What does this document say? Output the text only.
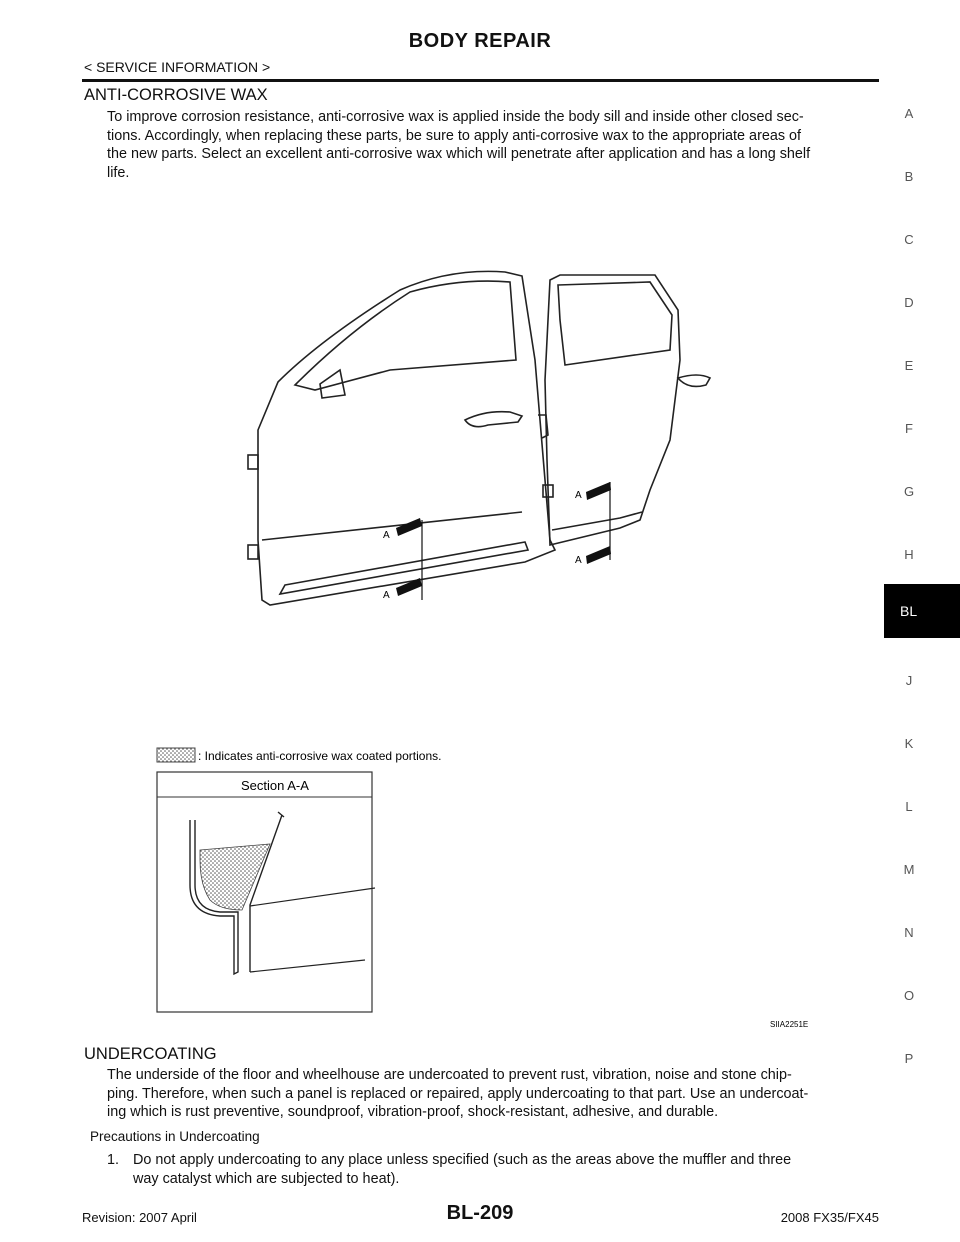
BODY REPAIR
< SERVICE INFORMATION >
ANTI-CORROSIVE WAX

To improve corrosion resistance, anti-corrosive wax is applied inside the body sill and inside other closed sec-

tions. Accordingly, when replacing these parts, be sure to apply anti-corrosive wax to the appropriate areas of

the new parts. Select an excellent anti-corrosive wax which will penetrate after application and has a long shelf

life.

A
A
A
A
: Indicates anti-corrosive wax coated portions.
Section A-A
SIIA2251E
UNDERCOATING

The underside of the floor and wheelhouse are undercoated to prevent rust, vibration, noise and stone chip-

ping. Therefore, when such a panel is replaced or repaired, apply undercoating to that part. Use an undercoat-

ing which is rust preventive, soundproof, vibration-proof, shock-resistant, adhesive, and durable.

Precautions in Undercoating
1. Do not apply undercoating to any place unless specified (such as the areas above the muffler and three
way catalyst which are subjected to heat).
A
B
C
D
E
F
G
H
BL
J
K
L
M
N
O
P
Revision: 2007 April	BL-209	2008 FX35/FX45
